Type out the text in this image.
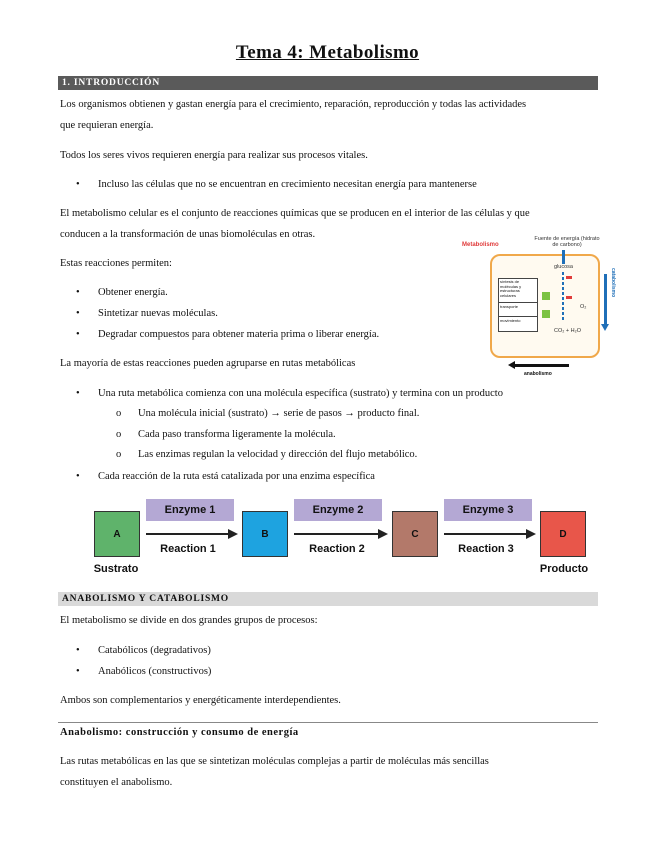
Tema 4: Metabolismo
1. INTRODUCCIÓN
Los organismos obtienen y gastan energía para el crecimiento, reparación, reproducción y todas las actividades
que requieran energía.
Todos los seres vivos requieren energía para realizar sus procesos vitales.
• Incluso las células que no se encuentran en crecimiento necesitan energía para mantenerse
El metabolismo celular es el conjunto de reacciones químicas que se producen en el interior de las células y que
conducen a la transformación de unas biomoléculas en otras.
Estas reacciones permiten:
• Obtener energía.
• Sintetizar nuevas moléculas.
• Degradar compuestos para obtener materia prima o liberar energía.
Metabolismo
Fuente de energía (hidrato de carbono)
glucosa
O₂
CO₂ + H₂O
síntesis de moléculas y estructuras celulares
transporte
movimiento
catabolismo
anabolismo
La mayoría de estas reacciones pueden agruparse en rutas metabólicas
• Una ruta metabólica comienza con una molécula específica (sustrato) y termina con un producto
o Una molécula inicial (sustrato) → serie de pasos → producto final.
o Cada paso transforma ligeramente la molécula.
o Las enzimas regulan la velocidad y dirección del flujo metabólico.
• Cada reacción de la ruta está catalizada por una enzima específica
A	B	C	D
Enzyme 1	Enzyme 2	Enzyme 3
Reaction 1	Reaction 2	Reaction 3
Sustrato	Producto
ANABOLISMO Y CATABOLISMO
El metabolismo se divide en dos grandes grupos de procesos:
• Catabólicos (degradativos)
• Anabólicos (constructivos)
Ambos son complementarios y energéticamente interdependientes.
Anabolismo: construcción y consumo de energía
Las rutas metabólicas en las que se sintetizan moléculas complejas a partir de moléculas más sencillas
constituyen el anabolismo.
